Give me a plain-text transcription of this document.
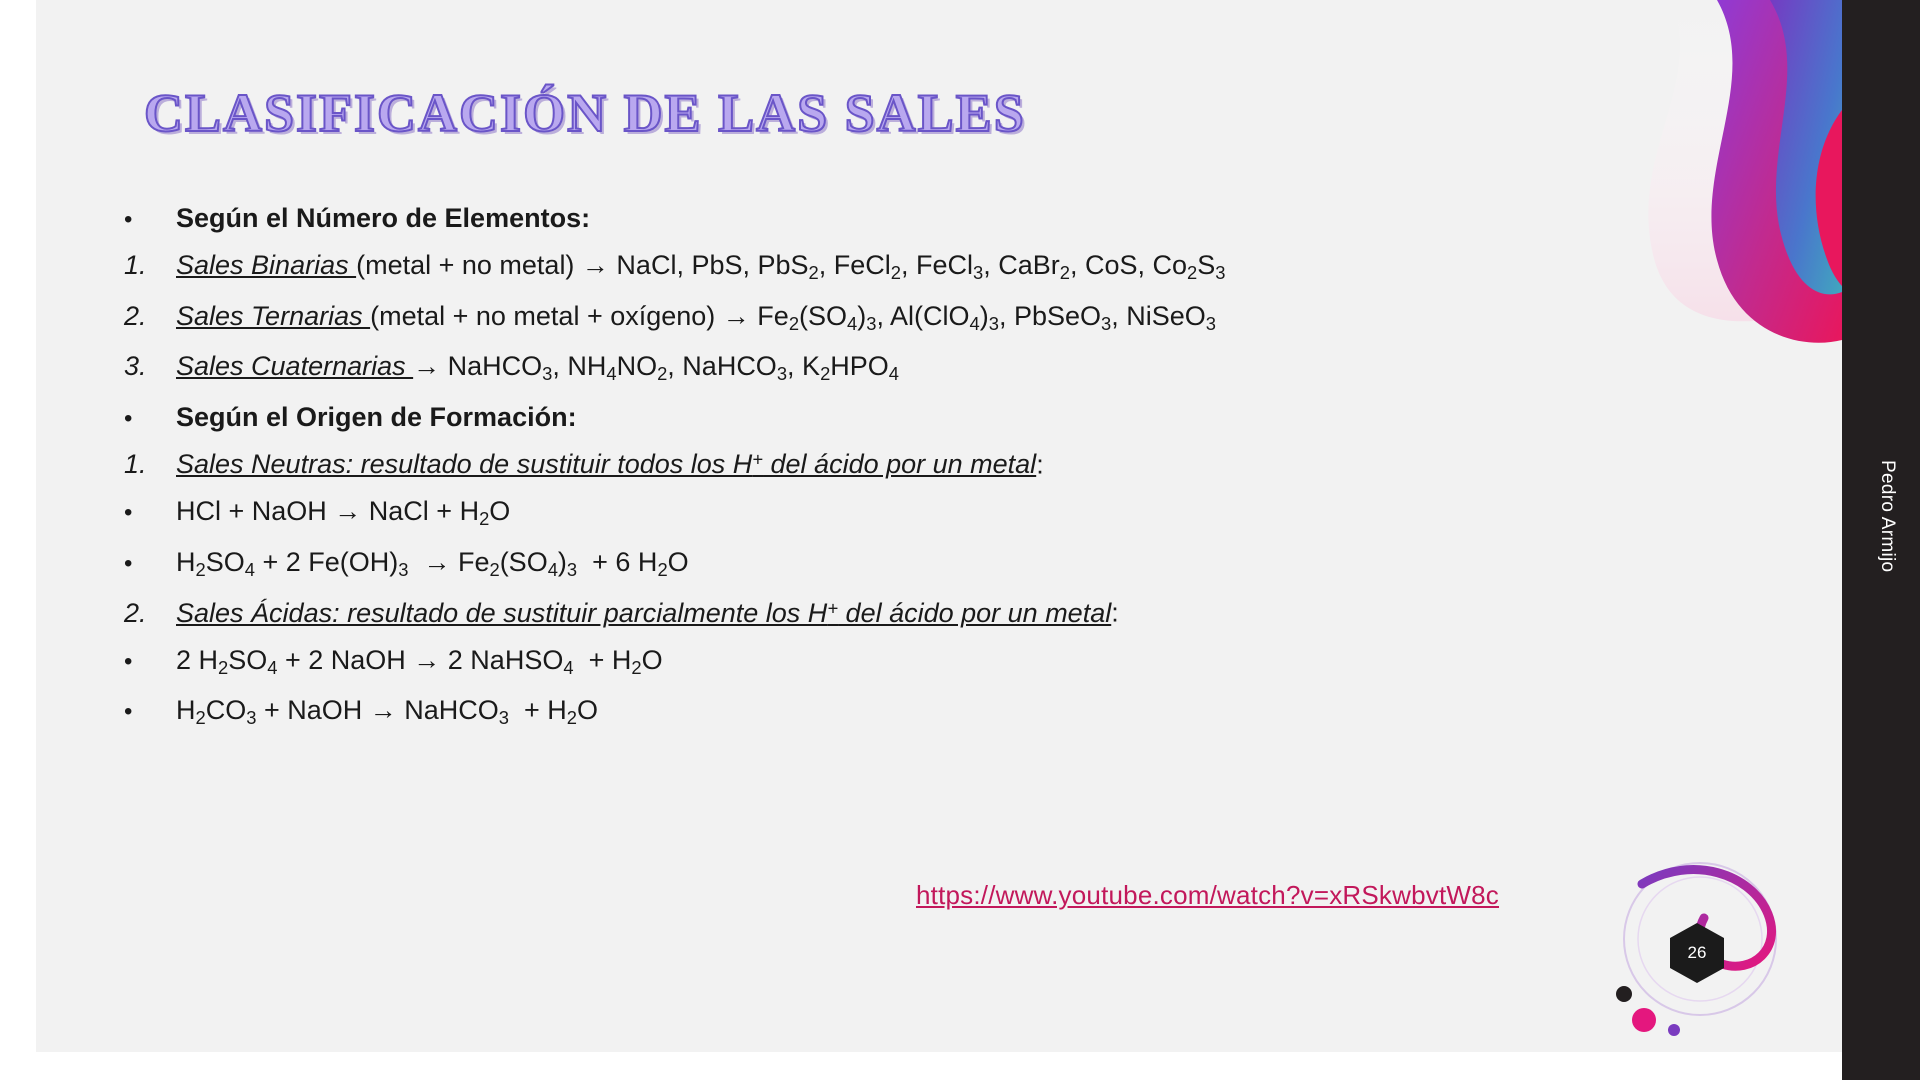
CLASIFICACIÓN DE LAS SALES
•	Según el Número de Elementos:
1.	Sales Binarias (metal + no metal) → NaCl, PbS, PbS$_2$, FeCl$_2$, FeCl$_3$, CaBr$_2$, CoS, $Co_2S_3$
2.	Sales Ternarias (metal + no metal + oxígeno) → $Fe_2(SO_4)_3$, $Al(ClO_4)_3$, PbSeO$_3$, NiSeO$_3$
3.	Sales Cuaternarias → NaHCO$_3$, $NH_4NO_2$, NaHCO$_3$, $K_2HPO_4$
•	Según el Origen de Formación:
1.	Sales Neutras: resultado de sustituir todos los H+ del ácido por un metal:
•	HCl + NaOH → NaCl + $H_2O$
•	$H_2SO_4 + 2$ $Fe(OH)_3 \to Fe_2(SO_4)_3 + 6$ $H_2O$
2.	Sales Ácidas: resultado de sustituir parcialmente los H+ del ácido por un metal:
•	2 $H_2SO_4 + 2$ NaOH → 2 NaHSO$_4$  + $H_2O$
•	$H_2CO_3$ + NaOH → NaHCO$_3$  + $H_2O$
https://www.youtube.com/watch?v=xRSkwbvtW8c
26
Pedro Armijo
